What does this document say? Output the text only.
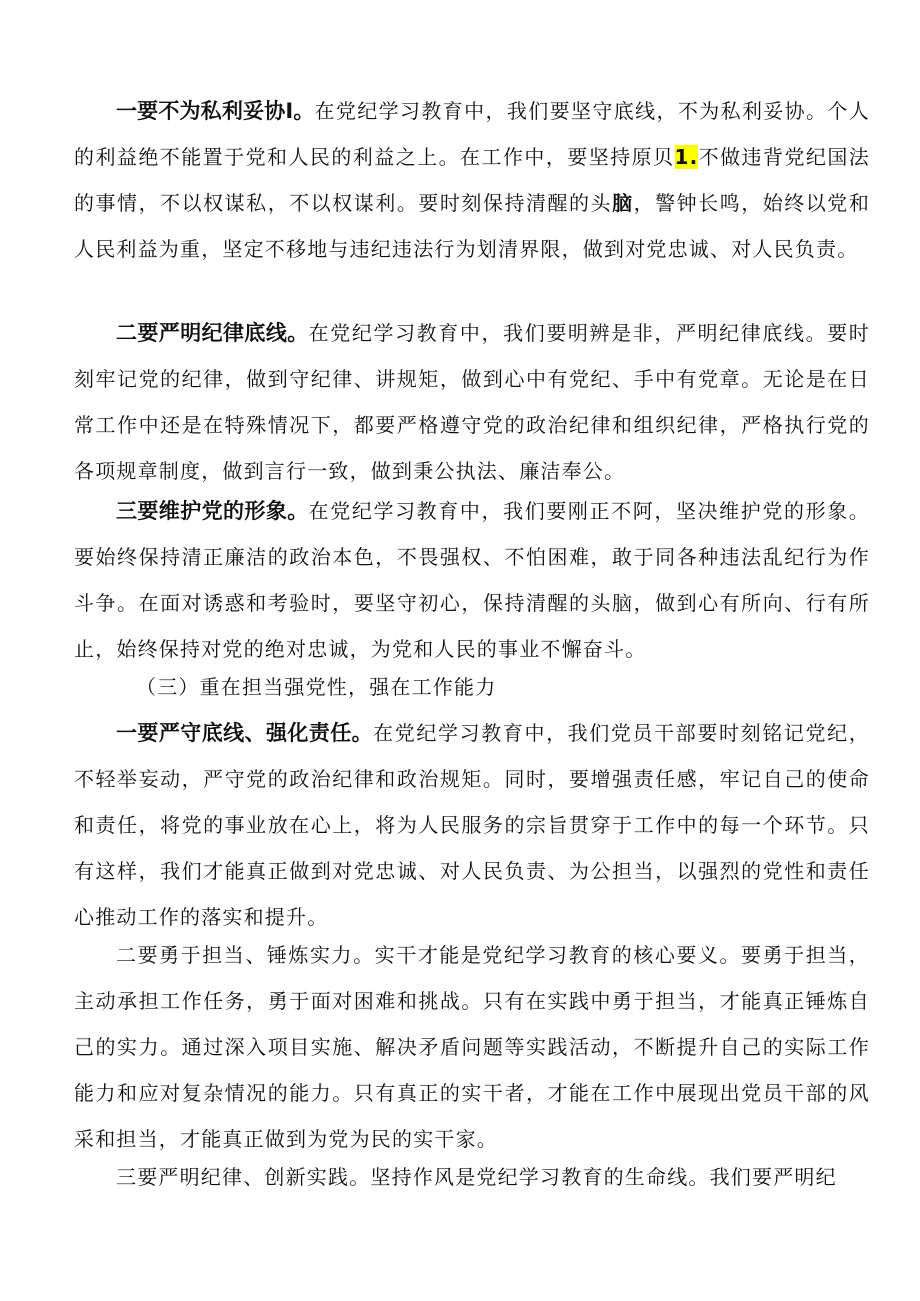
一要不为私利妥协I。在党纪学习教育中，我们要坚守底线，不为私利妥协。个人的利益绝不能置于党和人民的利益之上。在工作中，要坚持原贝1.不做违背党纪国法的事情，不以权谋私，不以权谋利。要时刻保持清醒的头脑，警钟长鸣，始终以党和人民利益为重，坚定不移地与违纪违法行为划清界限，做到对党忠诚、对人民负责。

二要严明纪律底线。在党纪学习教育中，我们要明辨是非，严明纪律底线。要时刻牢记党的纪律，做到守纪律、讲规矩，做到心中有党纪、手中有党章。无论是在日常工作中还是在特殊情况下，都要严格遵守党的政治纪律和组织纪律，严格执行党的各项规章制度，做到言行一致，做到秉公执法、廉洁奉公。

三要维护党的形象。在党纪学习教育中，我们要刚正不阿，坚决维护党的形象。要始终保持清正廉洁的政治本色，不畏强权、不怕困难，敢于同各种违法乱纪行为作斗争。在面对诱惑和考验时，要坚守初心，保持清醒的头脑，做到心有所向、行有所止，始终保持对党的绝对忠诚，为党和人民的事业不懈奋斗。

（三）重在担当强党性，强在工作能力

一要严守底线、强化责任。在党纪学习教育中，我们党员干部要时刻铭记党纪，不轻举妄动，严守党的政治纪律和政治规矩。同时，要增强责任感，牢记自己的使命和责任，将党的事业放在心上，将为人民服务的宗旨贯穿于工作中的每一个环节。只有这样，我们才能真正做到对党忠诚、对人民负责、为公担当，以强烈的党性和责任心推动工作的落实和提升。

二要勇于担当、锤炼实力。实干才能是党纪学习教育的核心要义。要勇于担当，主动承担工作任务，勇于面对困难和挑战。只有在实践中勇于担当，才能真正锤炼自己的实力。通过深入项目实施、解决矛盾问题等实践活动，不断提升自己的实际工作能力和应对复杂情况的能力。只有真正的实干者，才能在工作中展现出党员干部的风采和担当，才能真正做到为党为民的实干家。

三要严明纪律、创新实践。坚持作风是党纪学习教育的生命线。我们要严明纪
